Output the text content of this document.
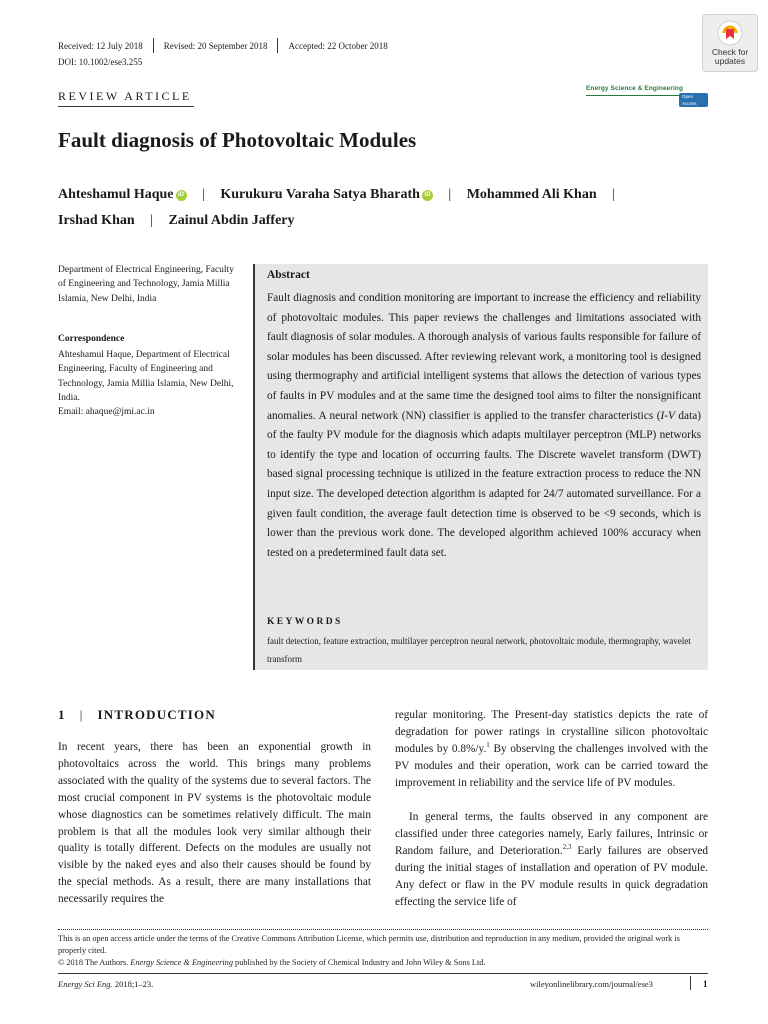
Received: 12 July 2018 Revised: 20 September 2018 Accepted: 22 October 2018
DOI: 10.1002/ese3.255
Check for
updates
Energy Science & Engineering
Open Access
REVIEW ARTICLE
Fault diagnosis of Photovoltaic Modules
Ahteshamul Haque iD | Kurukuru Varaha Satya Bharath iD | Mohammed Ali Khan |
Irshad Khan | Zainul Abdin Jaffery
Department of Electrical Engineering, Faculty of Engineering and Technology, Jamia Millia Islamia, New Delhi, India
Correspondence
Ahteshamul Haque, Department of Electrical Engineering, Faculty of Engineering and Technology, Jamia Millia Islamia, New Delhi, India.
Email: ahaque@jmi.ac.in
Abstract
Fault diagnosis and condition monitoring are important to increase the efficiency and reliability of photovoltaic modules. This paper reviews the challenges and limitations associated with fault diagnosis of solar modules. A thorough analysis of various faults responsible for failure of solar modules has been discussed. After reviewing relevant work, a monitoring tool is designed using thermography and artificial intelligent systems that allows the detection of various types of faults in PV modules and at the same time the designed tool aims to filter the nonsignificant anomalies. A neural network (NN) classifier is applied to the transfer characteristics (I-V data) of the faulty PV module for the diagnosis which adapts multilayer perceptron (MLP) networks to identify the type and location of occurring faults. The Discrete wavelet transform (DWT) based signal processing technique is utilized in the feature extraction process to reduce the NN input size. The developed detection algorithm is adapted for 24/7 automated surveillance. For a given fault condition, the average fault detection time is observed to be <9 seconds, which is lower than the previous work done. The developed algorithm achieved 100% accuracy when tested on a predetermined fault data set.
KEYWORDS
fault detection, feature extraction, multilayer perceptron neural network, photovoltaic module, thermography, wavelet transform
1 | INTRODUCTION
In recent years, there has been an exponential growth in photovoltaics across the world. This brings many problems associated with the quality of the systems due to several factors. The most crucial component in PV systems is the photovoltaic module whose diagnostics can be sometimes relatively difficult. The main problem is that all the modules look very similar although their quality is totally different. Defects on the modules are usually not visible by the naked eyes and also their causes should be found by the special methods. As a result, there are many installations that necessarily requires the
regular monitoring. The Present-day statistics depicts the rate of degradation for power ratings in crystalline silicon photovoltaic modules by 0.8%/y.$^1$ By observing the challenges involved with the PV modules and their operation, work can be carried toward the improvement in reliability and the service life of PV modules.
In general terms, the faults observed in any component are classified under three categories namely, Early failures, Intrinsic or Random failure, and Deterioration.$^{2,3}$ Early failures are observed during the initial stages of installation and operation of PV module. Any defect or flaw in the PV module results in quick degradation effecting the service life of
This is an open access article under the terms of the Creative Commons Attribution License, which permits use, distribution and reproduction in any medium, provided the original work is properly cited.
© 2018 The Authors. Energy Science & Engineering published by the Society of Chemical Industry and John Wiley & Sons Ltd.
Energy Sci Eng. 2018;1–23.	wileyonlinelibrary.com/journal/ese3	1
